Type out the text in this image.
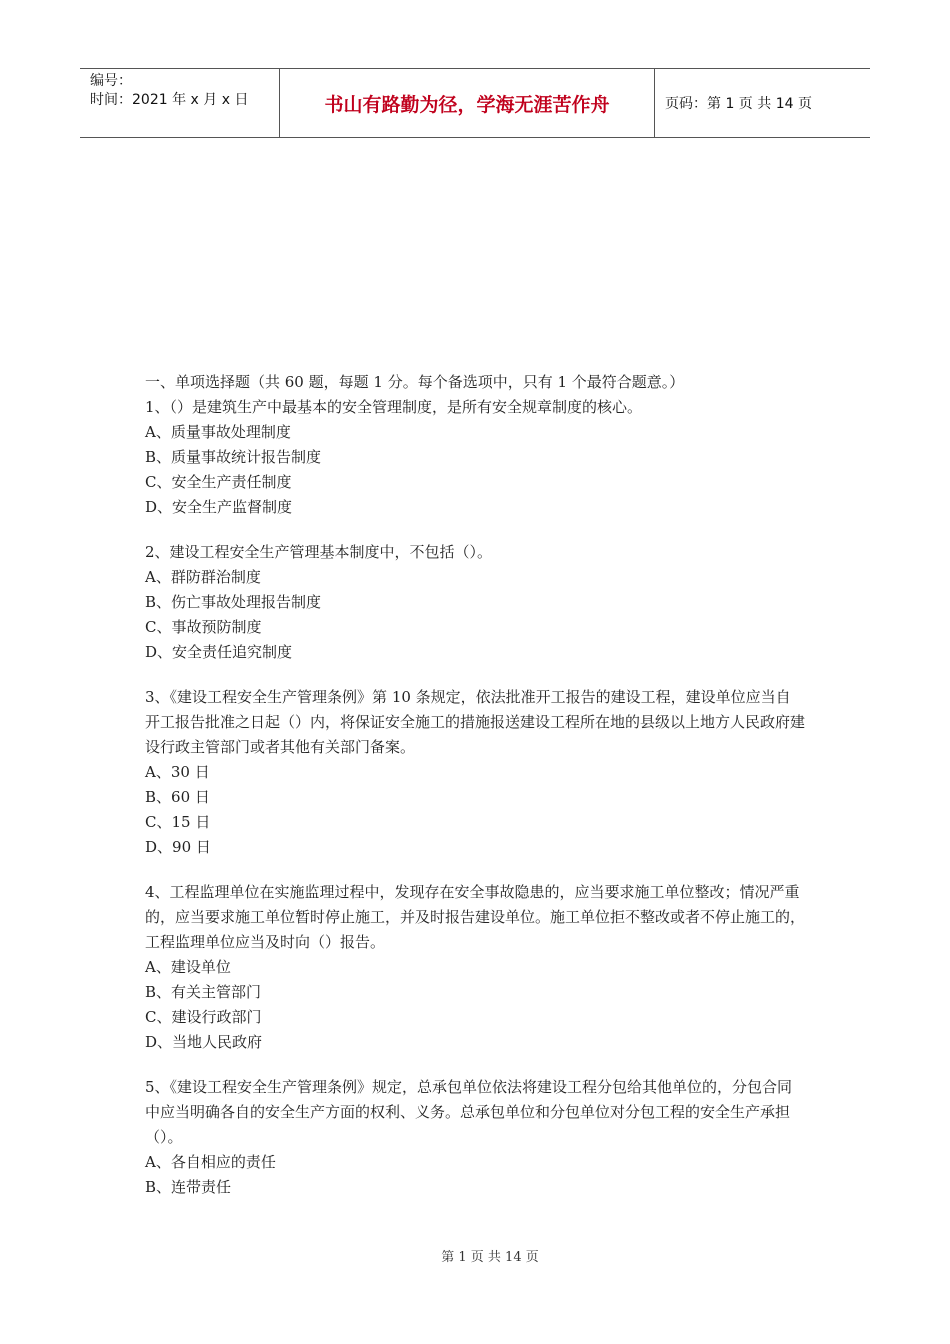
编号：
时间：2021 年 x 月 x 日	书山有路勤为径，学海无涯苦作舟	页码：第 1 页 共 14 页
一、单项选择题（共 60 题，每题 1 分。每个备选项中，只有 1 个最符合题意。）
1、（）是建筑生产中最基本的安全管理制度，是所有安全规章制度的核心。
A、质量事故处理制度
B、质量事故统计报告制度
C、安全生产责任制度
D、安全生产监督制度
2、建设工程安全生产管理基本制度中，不包括（）。
A、群防群治制度
B、伤亡事故处理报告制度
C、事故预防制度
D、安全责任追究制度
3、《建设工程安全生产管理条例》第 10 条规定，依法批准开工报告的建设工程，建设单位应当自开工报告批准之日起（）内，将保证安全施工的措施报送建设工程所在地的县级以上地方人民政府建设行政主管部门或者其他有关部门备案。
A、30 日
B、60 日
C、15 日
D、90 日
4、工程监理单位在实施监理过程中，发现存在安全事故隐患的，应当要求施工单位整改；情况严重的，应当要求施工单位暂时停止施工，并及时报告建设单位。施工单位拒不整改或者不停止施工的，工程监理单位应当及时向（）报告。
A、建设单位
B、有关主管部门
C、建设行政部门
D、当地人民政府
5、《建设工程安全生产管理条例》规定，总承包单位依法将建设工程分包给其他单位的，分包合同中应当明确各自的安全生产方面的权利、义务。总承包单位和分包单位对分包工程的安全生产承担（）。
A、各自相应的责任
B、连带责任
第 1 页 共 14 页
